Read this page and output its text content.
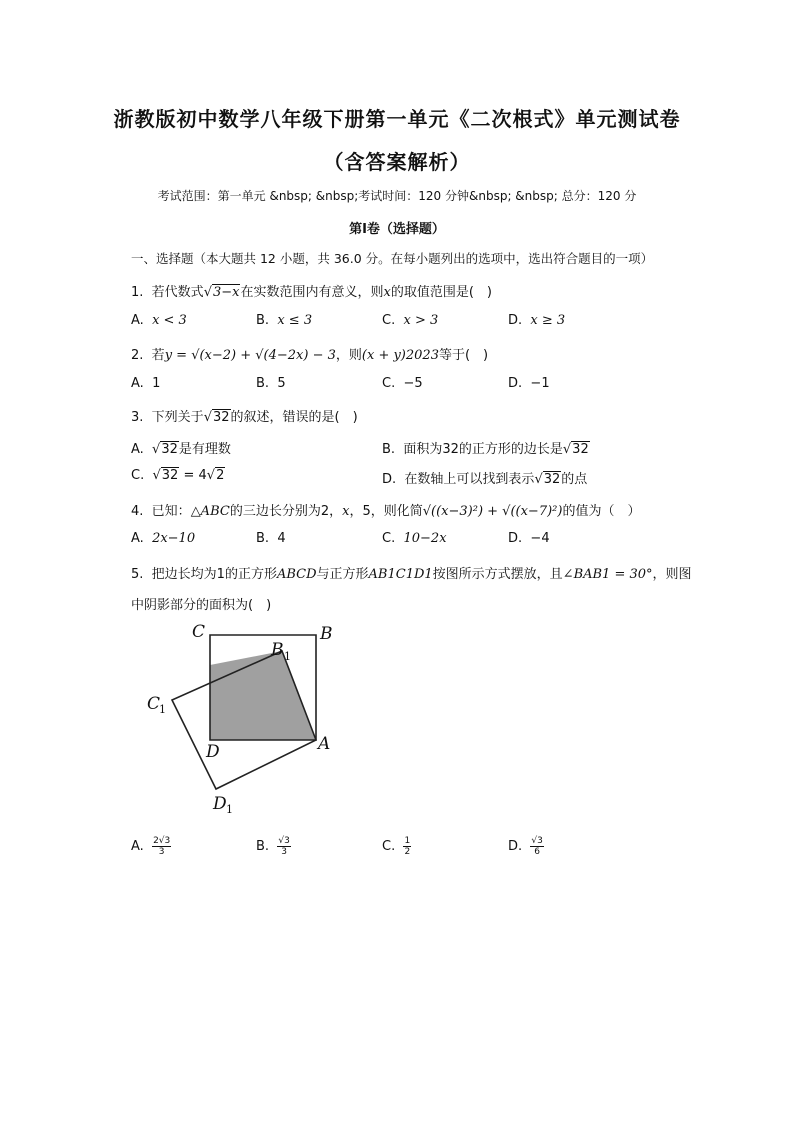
浙教版初中数学八年级下册第一单元《二次根式》单元测试卷
（含答案解析）
考试范围：第一单元 &nbsp; &nbsp;考试时间：120 分钟&nbsp; &nbsp; 总分：120 分
第I卷（选择题）
一、选择题（本大题共 12 小题，共 36.0 分。在每小题列出的选项中，选出符合题目的一项）
1. 若代数式√3−x在实数范围内有意义，则x的取值范围是(　)
A. x < 3	B. x ≤ 3	C. x > 3	D. x ≥ 3
2. 若y = √(x−2) + √(4−2x) − 3，则(x + y)2023等于(　)
A. 1	B. 5	C. −5	D. −1
3. 下列关于√32的叙述，错误的是(　)
A.  √32是有理数	B. 面积为32的正方形的边长是√32
C.  √32 = 4√2	D. 在数轴上可以找到表示√32的点
4. 已知：△ABC的三边长分别为2，x，5，则化简√((x−3)²) + √((x−7)²)的值为（　）
A. 2x−10	B. 4	C. 10−2x	D. −4
5. 把边长均为1的正方形ABCD与正方形AB1C1D1按图所示方式摆放，且∠BAB1 = 30°，则图
中阴影部分的面积为(　)
C	B
B 1
C
1
D	A
D 1
A. $\frac{2√3}{3}$	B. $\frac{√3}{3}$	C. $\frac{1}{2}$	D. $\frac{√3}{6}$
